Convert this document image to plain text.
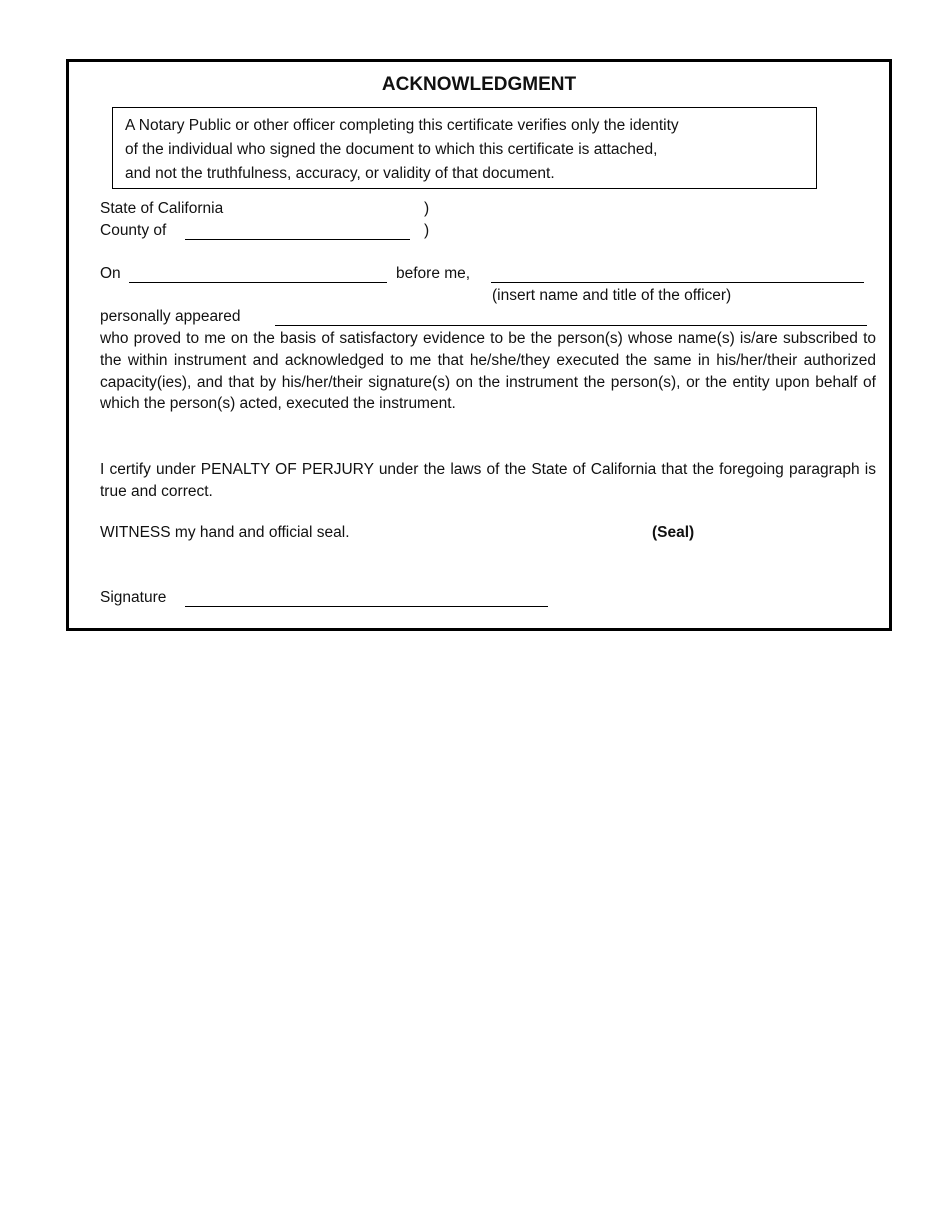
ACKNOWLEDGMENT
A Notary Public or other officer completing this certificate verifies only the identity
of the individual who signed the document to which this certificate is attached,
and not the truthfulness, accuracy, or validity of that document.
State of California	)
County of	)
On	before me,
(insert name and title of the officer)
personally appeared
who proved to me on the basis of satisfactory evidence to be the person(s) whose name(s) is/are subscribed to the within instrument and acknowledged to me that he/she/they executed the same in his/her/their authorized capacity(ies), and that by his/her/their signature(s) on the instrument the person(s), or the entity upon behalf of which the person(s) acted, executed the instrument.
I certify under PENALTY OF PERJURY under the laws of the State of California that the foregoing paragraph is true and correct.
WITNESS my hand and official seal.	(Seal)
Signature
